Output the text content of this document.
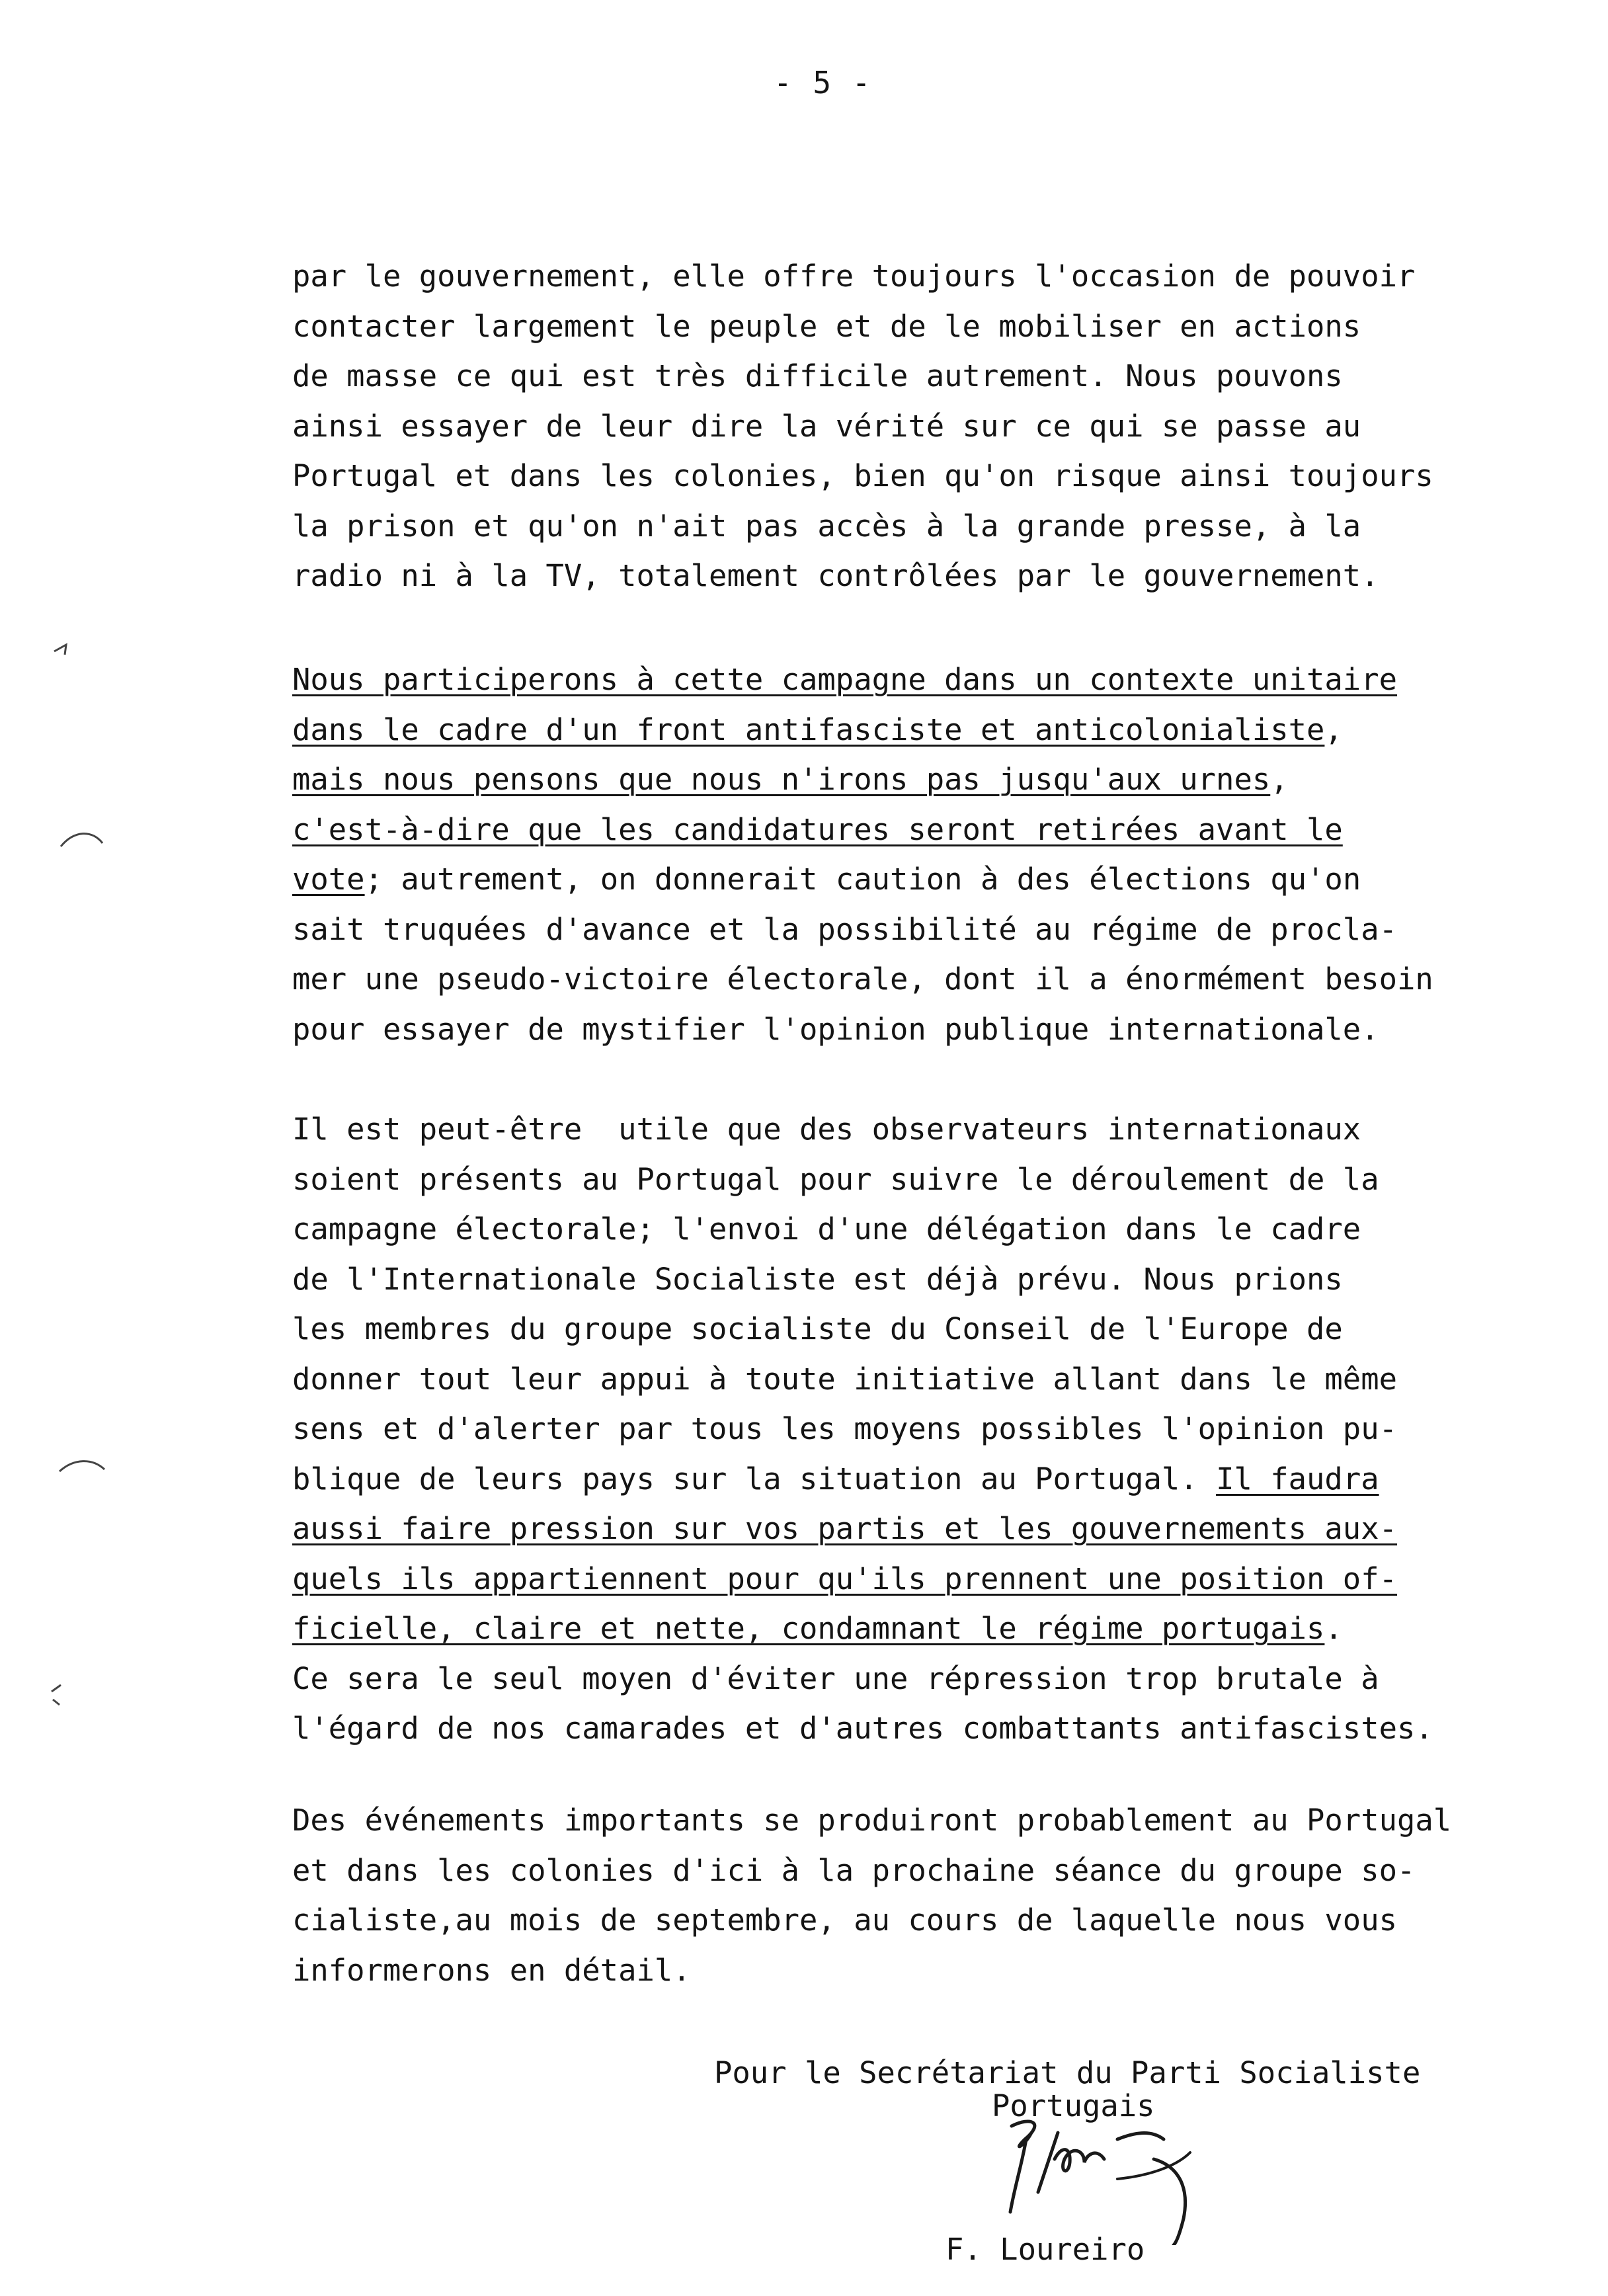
- 5 -
par le gouvernement, elle offre toujours l'occasion de pouvoir
contacter largement le peuple et de le mobiliser en actions
de masse ce qui est très difficile autrement. Nous pouvons
ainsi essayer de leur dire la vérité sur ce qui se passe au
Portugal et dans les colonies, bien qu'on risque ainsi toujours
la prison et qu'on n'ait pas accès à la grande presse, à la
radio ni à la TV, totalement contrôlées par le gouvernement.
Nous participerons à cette campagne dans un contexte unitaire
dans le cadre d'un front antifasciste et anticolonialiste,
mais nous pensons que nous n'irons pas jusqu'aux urnes,
c'est-à-dire que les candidatures seront retirées avant le
vote; autrement, on donnerait caution à des élections qu'on
sait truquées d'avance et la possibilité au régime de procla-
mer une pseudo-victoire électorale, dont il a énormément besoin
pour essayer de mystifier l'opinion publique internationale.
Il est peut-être  utile que des observateurs internationaux
soient présents au Portugal pour suivre le déroulement de la
campagne électorale; l'envoi d'une délégation dans le cadre
de l'Internationale Socialiste est déjà prévu. Nous prions
les membres du groupe socialiste du Conseil de l'Europe de
donner tout leur appui à toute initiative allant dans le même
sens et d'alerter par tous les moyens possibles l'opinion pu-
blique de leurs pays sur la situation au Portugal. Il faudra
aussi faire pression sur vos partis et les gouvernements aux-
quels ils appartiennent pour qu'ils prennent une position of-
ficielle, claire et nette, condamnant le régime portugais.
Ce sera le seul moyen d'éviter une répression trop brutale à
l'égard de nos camarades et d'autres combattants antifascistes.
Des événements importants se produiront probablement au Portugal
et dans les colonies d'ici à la prochaine séance du groupe so-
cialiste,au mois de septembre, au cours de laquelle nous vous
informerons en détail.
Pour le Secrétariat du Parti Socialiste
Portugais
F. Loureiro
